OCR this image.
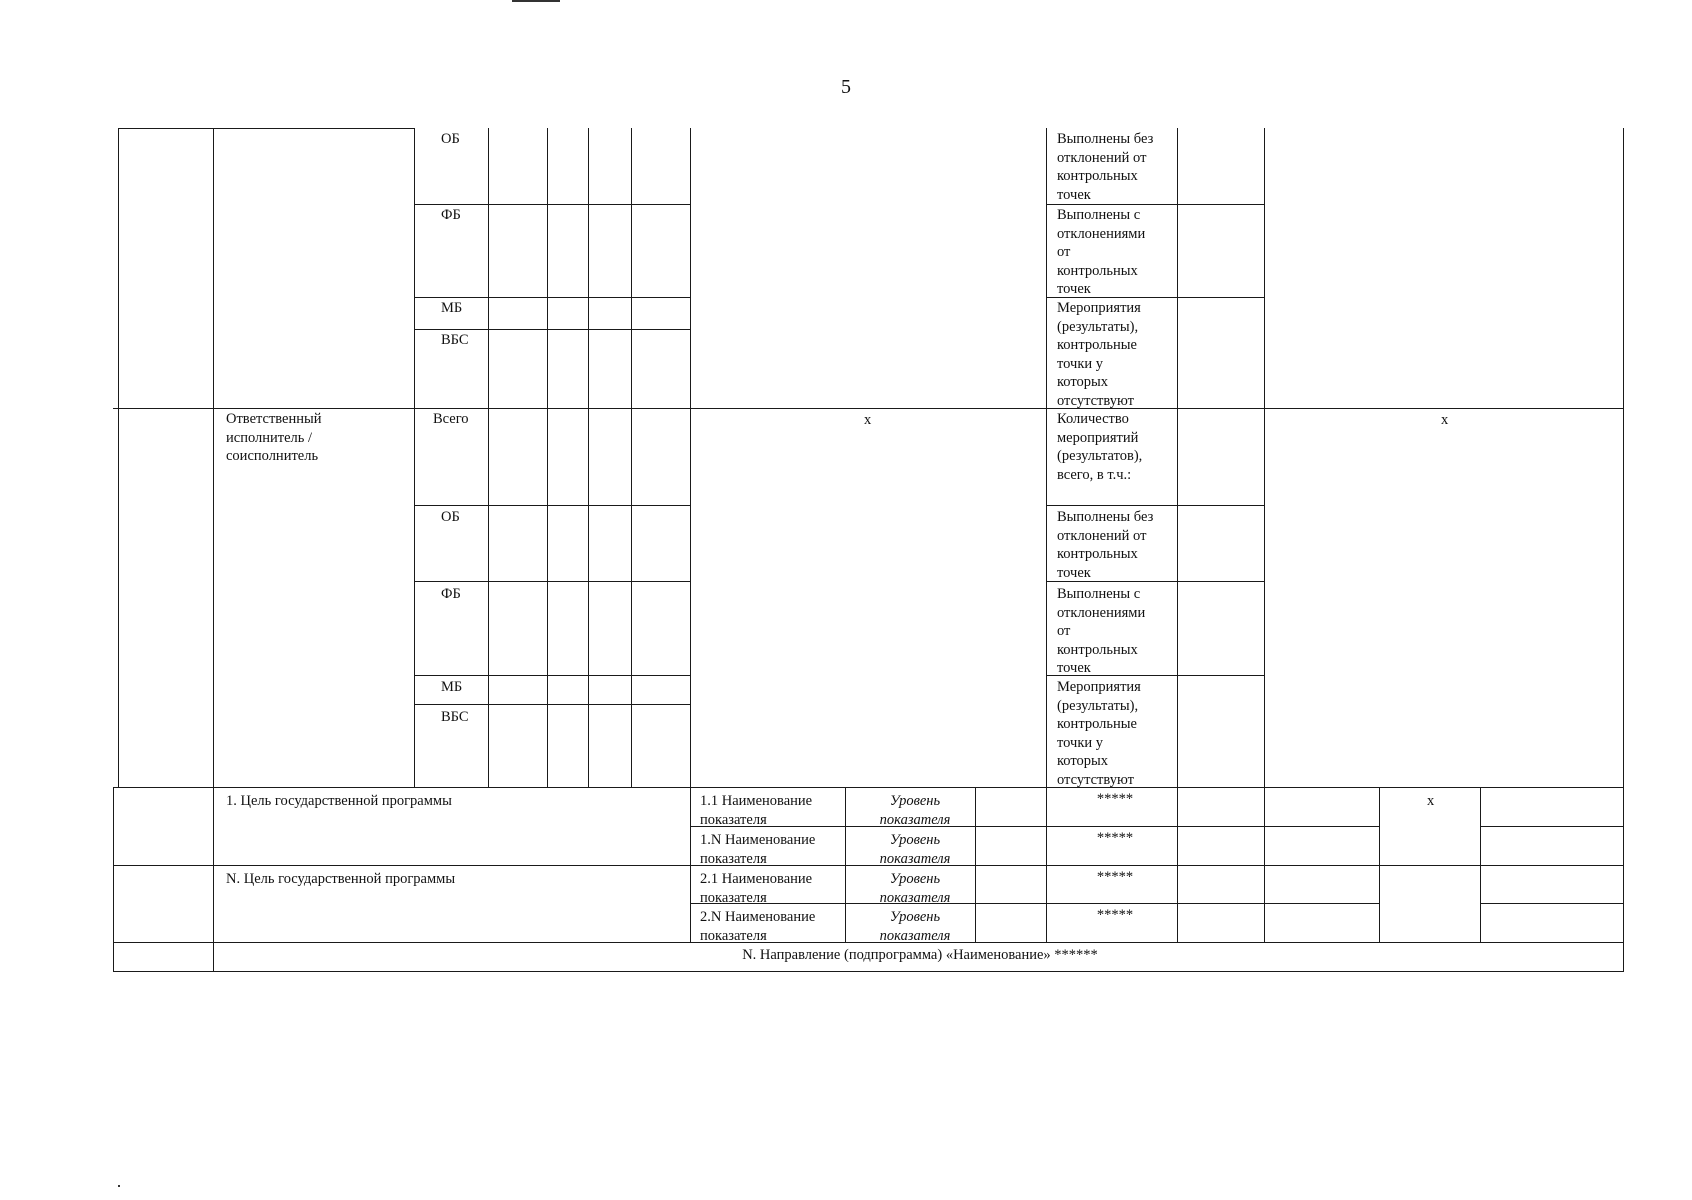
5
ОБ
ФБ
МБ
ВБС
Выполнены без
отклонений от
контрольных
точек
Выполнены с
отклонениями
от
контрольных
точек
Мероприятия
(результаты),
контрольные
точки у
которых
отсутствуют
Ответственный
исполнитель /
соисполнитель
Всего	x	x
Количество
мероприятий
(результатов),
всего, в т.ч.:
ОБ
ФБ
МБ
ВБС
Выполнены без
отклонений от
контрольных
точек
Выполнены с
отклонениями
от
контрольных
точек
Мероприятия
(результаты),
контрольные
точки у
которых
отсутствуют
1. Цель государственной программы
N. Цель государственной программы
1.1 Наименование
показателя
Уровень
показателя
*****
1.N Наименование
показателя
Уровень
показателя
*****
2.1 Наименование
показателя
Уровень
показателя
*****
2.N Наименование
показателя
Уровень
показателя
*****
x
N. Направление (подпрограмма) «Наименование» ******
